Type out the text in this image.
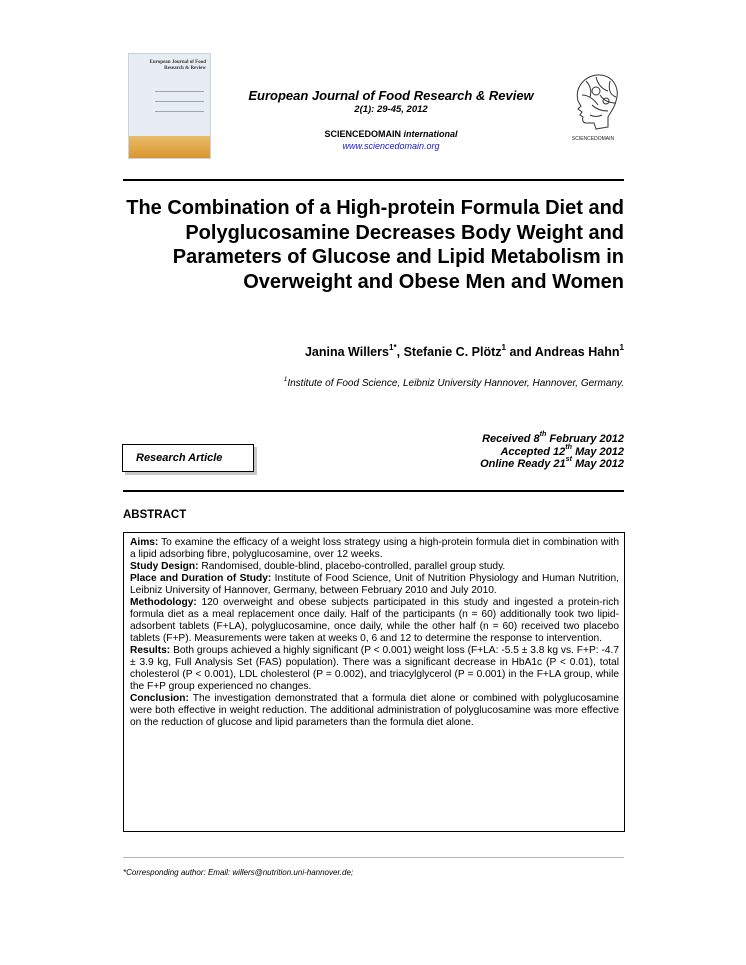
European Journal of Food Research & Review
European Journal of Food Research & Review
2(1): 29-45, 2012
SCIENCEDOMAIN international
www.sciencedomain.org
SCIENCEDOMAIN
The Combination of a High-protein Formula Diet and Polyglucosamine Decreases Body Weight and Parameters of Glucose and Lipid Metabolism in Overweight and Obese Men and Women
Janina Willers$^{1*}$, Stefanie C. Plötz$^1$ and Andreas Hahn$^1$
$^1$Institute of Food Science, Leibniz University Hannover, Hannover, Germany.
Research Article
Received 8th February 2012
Accepted 12th May 2012
Online Ready 21st May 2012
ABSTRACT

Aims: To examine the efficacy of a weight loss strategy using a high-protein formula diet in combination with a lipid adsorbing fibre, polyglucosamine, over 12 weeks.

Study Design: Randomised, double-blind, placebo-controlled, parallel group study.

Place and Duration of Study: Institute of Food Science, Unit of Nutrition Physiology and Human Nutrition, Leibniz University of Hannover, Germany, between February 2010 and July 2010.

Methodology: 120 overweight and obese subjects participated in this study and ingested a protein-rich formula diet as a meal replacement once daily. Half of the participants (n = 60) additionally took two lipid-adsorbent tablets (F+LA), polyglucosamine, once daily, while the other half (n = 60) received two placebo tablets (F+P). Measurements were taken at weeks 0, 6 and 12 to determine the response to intervention.

Results: Both groups achieved a highly significant (P < 0.001) weight loss (F+LA: -5.5 ± 3.8 kg vs. F+P: -4.7 ± 3.9 kg, Full Analysis Set (FAS) population). There was a significant decrease in HbA1c (P < 0.01), total cholesterol (P < 0.001), LDL cholesterol (P = 0.002), and triacylglycerol (P = 0.001) in the F+LA group, while the F+P group experienced no changes.

Conclusion: The investigation demonstrated that a formula diet alone or combined with polyglucosamine were both effective in weight reduction. The additional administration of polyglucosamine was more effective on the reduction of glucose and lipid parameters than the formula diet alone.

*Corresponding author: Email: willers@nutrition.uni-hannover.de;
